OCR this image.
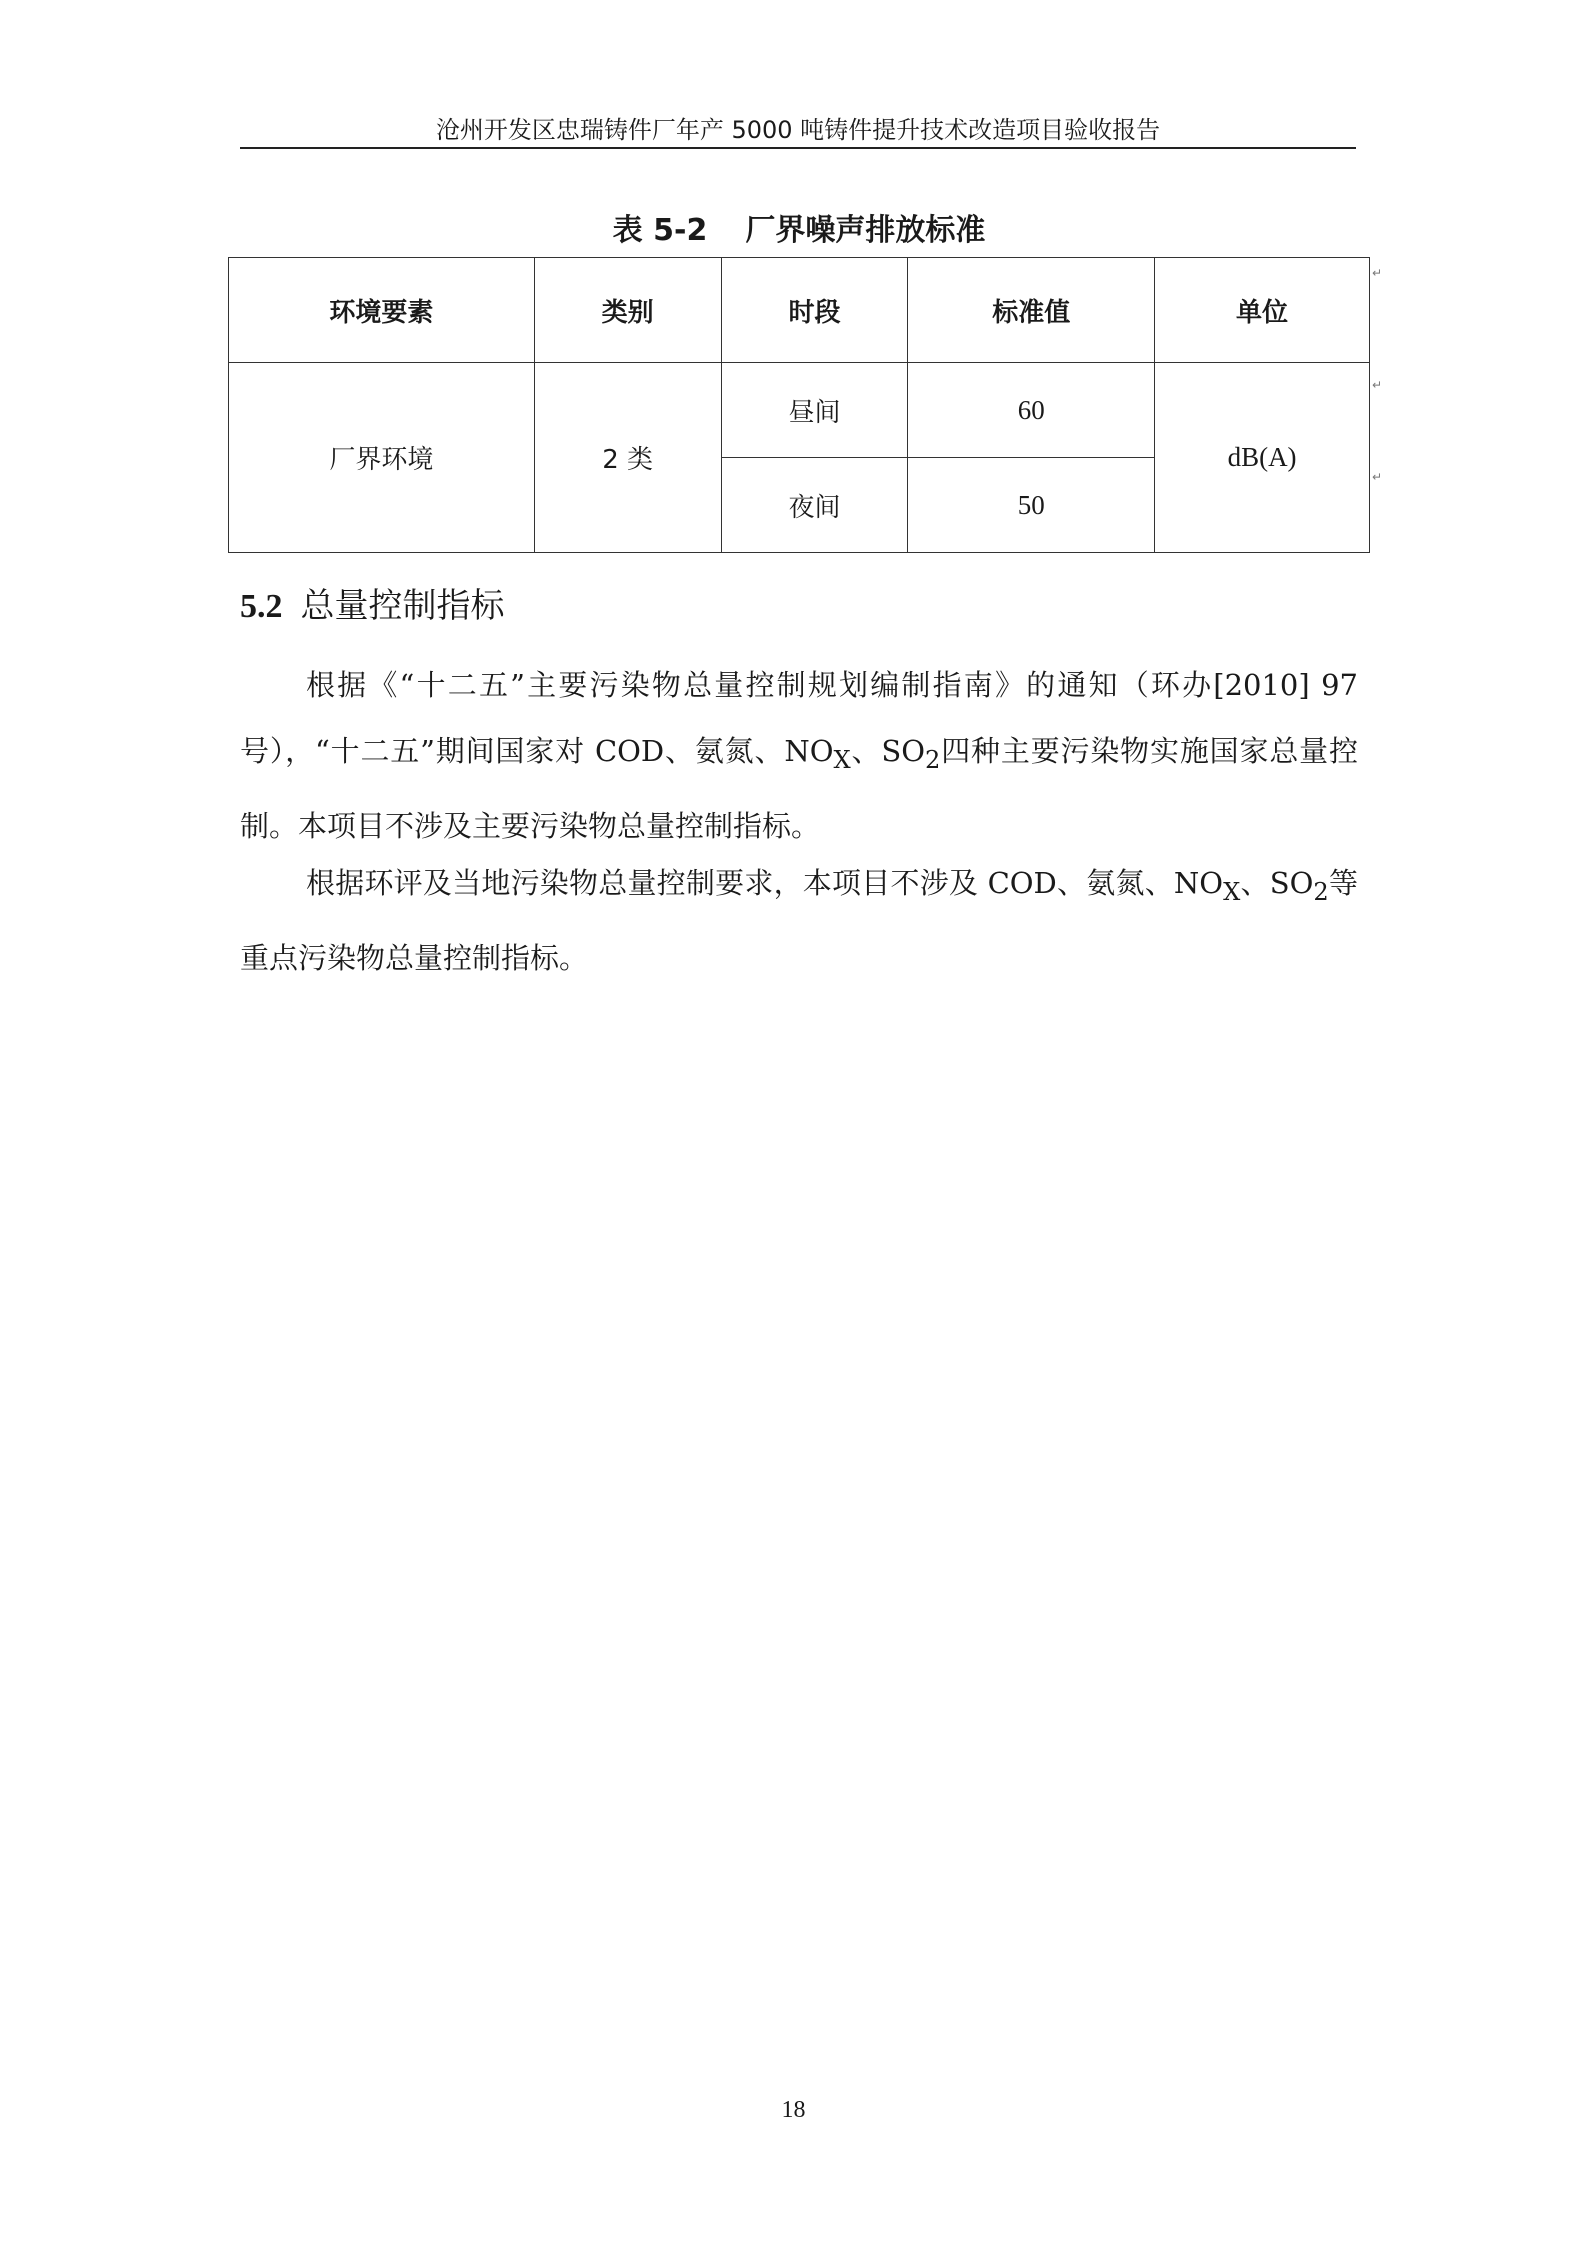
沧州开发区忠瑞铸件厂年产 5000 吨铸件提升技术改造项目验收报告
表 5-2 厂界噪声排放标准
环境要素	类别	时段	标准值	单位
厂界环境	2 类	昼间	60	dB(A)
		夜间	50	
↵
↵
↵
5.2 总量控制指标

根据《“十二五”主要污染物总量控制规划编制指南》的通知（环办[2010] 97号），“十二五”期间国家对 COD、氨氮、$NO_X$、$SO_2$四种主要污染物实施国家总量控制。本项目不涉及主要污染物总量控制指标。

根据环评及当地污染物总量控制要求，本项目不涉及 COD、氨氮、$NO_X$、$SO_2$等重点污染物总量控制指标。

18
